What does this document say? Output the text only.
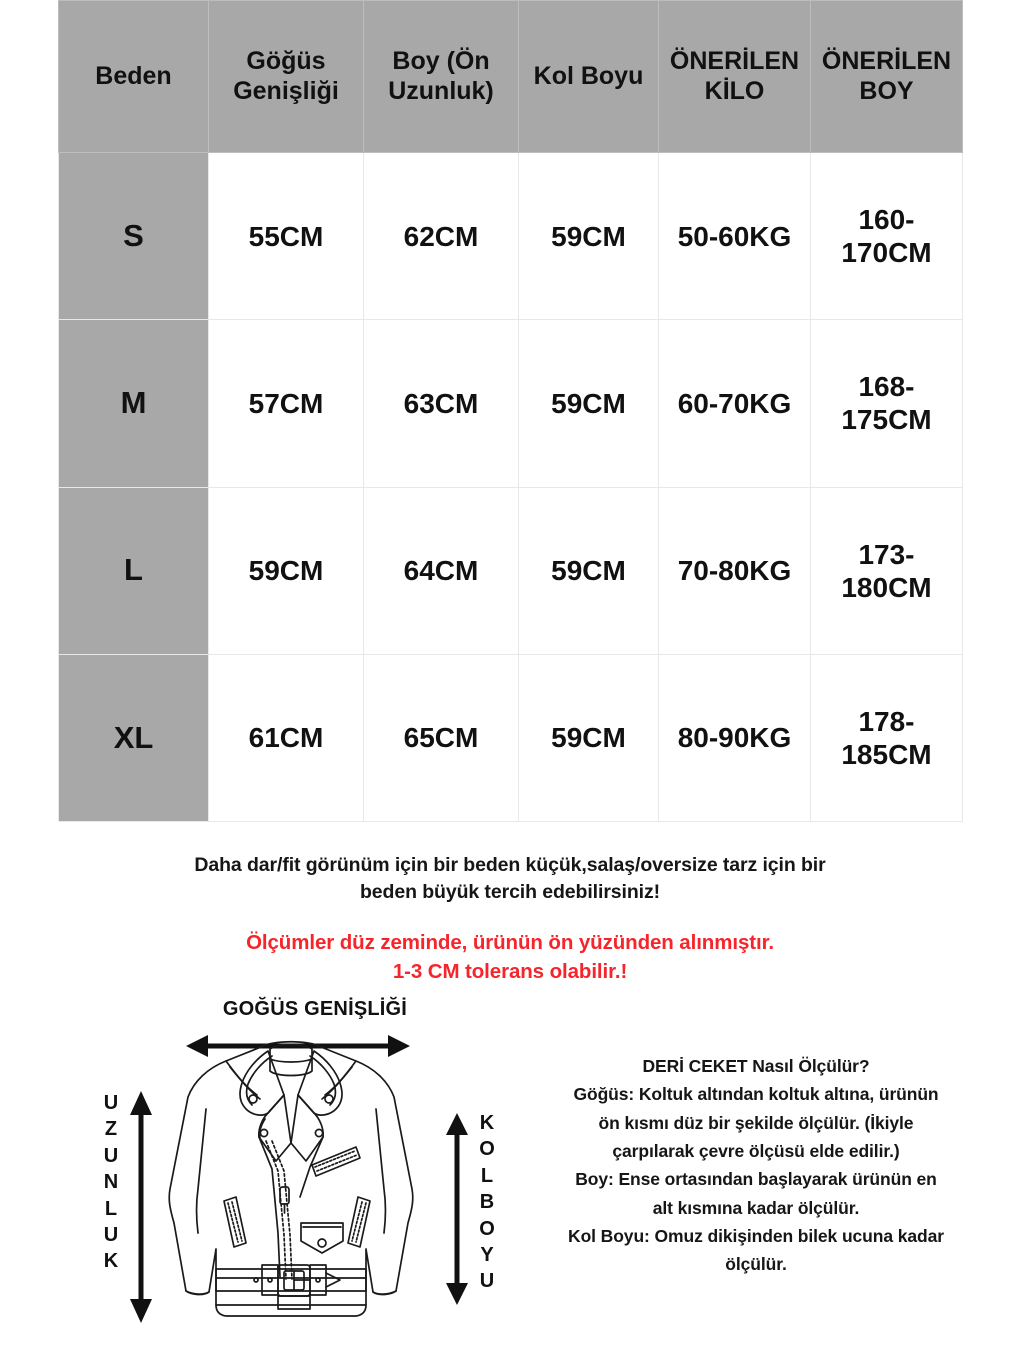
Beden	Göğüs Genişliği	Boy (Ön Uzunluk)	Kol Boyu	ÖNERİLEN KİLO	ÖNERİLEN BOY
S	55CM	62CM	59CM	50-60KG	160-170CM
M	57CM	63CM	59CM	60-70KG	168-175CM
L	59CM	64CM	59CM	70-80KG	173-180CM
XL	61CM	65CM	59CM	80-90KG	178-185CM
Daha dar/fit görünüm için bir beden küçük,salaş/oversize tarz için bir
beden büyük tercih edebilirsiniz!
Ölçümler düz zeminde, ürünün ön yüzünden alınmıştır.
1-3 CM tolerans olabilir.!
GOĞÜS GENİŞLİĞİ
U
Z
U
N
L
U
K
K
O
L
B
O
Y
U
DERİ CEKET Nasıl Ölçülür?
Göğüs: Koltuk altından koltuk altına, ürünün
ön kısmı düz bir şekilde ölçülür. (İkiyle
çarpılarak çevre ölçüsü elde edilir.)
Boy: Ense ortasından başlayarak ürünün en
alt kısmına kadar ölçülür.
Kol Boyu: Omuz dikişinden bilek ucuna kadar
ölçülür.
